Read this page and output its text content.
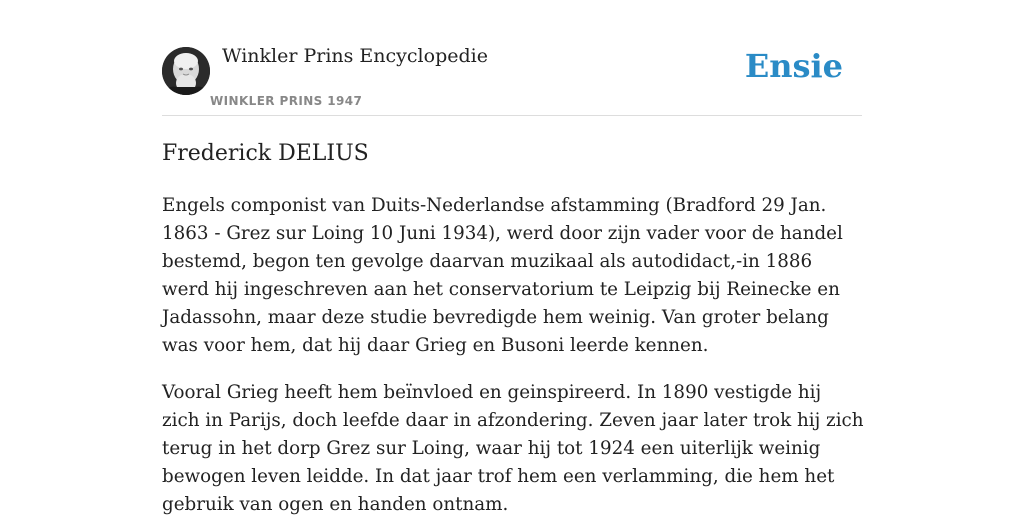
Winkler Prins Encyclopedie
WINKLER PRINS 1947
Ensie
Frederick DELIUS

Engels componist van Duits-Nederlandse afstamming (Bradford 29 Jan. 1863 - Grez sur Loing 10 Juni 1934), werd door zijn vader voor de handel bestemd, begon ten gevolge daarvan muzikaal als autodidact,-in 1886 werd hij ingeschreven aan het conservatorium te Leipzig bij Reinecke en Jadassohn, maar deze studie bevredigde hem weinig. Van groter belang was voor hem, dat hij daar Grieg en Busoni leerde kennen.

Vooral Grieg heeft hem beïnvloed en geinspireerd. In 1890 vestigde hij zich in Parijs, doch leefde daar in afzondering. Zeven jaar later trok hij zich terug in het dorp Grez sur Loing, waar hij tot 1924 een uiterlijk weinig bewogen leven leidde. In dat jaar trof hem een verlamming, die hem het gebruik van ogen en handen ontnam.
